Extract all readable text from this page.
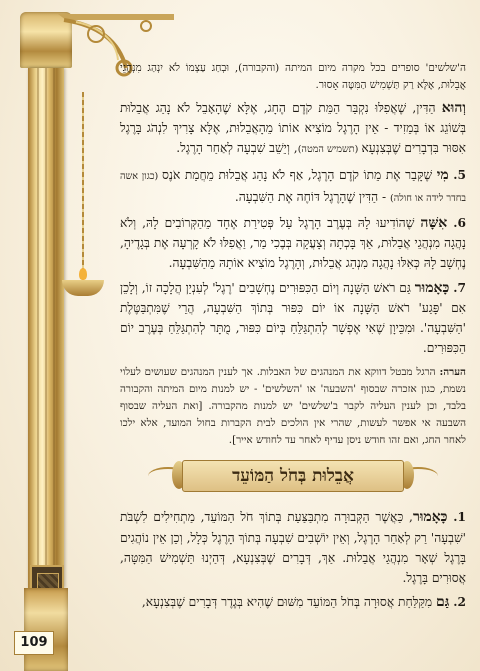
109

ה'שלשים' סופרים בכל מקרה מיום המיתה (והקבורה), וּבְחַג עַצְמוֹ לֹא יִנְהַג מִנְהֲגֵי אֲבֵלוּת, אֶלָּא רַק תַּשְׁמִישׁ הַמִּטָּה אָסוּר.

וְהוּא הַדִּין, שֶׁאֲפִלּוּ נִקְבַּר הַמֵּת קֹדֶם הֶחָג, אֶלָּא שֶׁהָאָבֵל לֹא נָהַג אֲבֵלוּת בְּשׁוֹגֵג אוֹ בְּמֵזִיד - אֵין הָרֶגֶל מוֹצִיא אוֹתוֹ מֵהָאֲבֵלוּת, אֶלָּא צָרִיךְ לִנְהֹג בָּרֶגֶל אִסּוּר בִּדְבָרִים שֶׁבְּצִנְעָא (תשמיש המטה), וְיֵשֵׁב שִׁבְעָה לְאַחַר הָרֶגֶל.

5. מִי שֶׁקָּבַר אֶת מֵתוֹ קֹדֶם הָרֶגֶל, אַף לֹא נָהַג אֲבֵלוּת מֵחֲמַת אֹנֶס (כגון אשה בחדר לידה או חולה) - הַדִּין שֶׁהָרֶגֶל דּוֹחֶה אֶת הַשִּׁבְעָה.

6. אִשָּׁה שֶׁהוֹדִיעוּ לָהּ בְּעֶרֶב הָרֶגֶל עַל פְּטִירַת אֶחָד מֵהַקְּרוֹבִים לָהּ, וְלֹא נָהֲגָה מִנְהֲגֵי אֲבֵלוּת, אַךְ בָּכְתָה וְצָעֲקָה בְּבֶכִי מַר, וַאֲפִלּוּ לֹא קָרְעָה אֶת בְּגָדֶיהָ, נֶחְשָׁב לָהּ כְּאִלּוּ נָהֲגָה מִנְהַג אֲבֵלוּת, וְהָרֶגֶל מוֹצִיא אוֹתָהּ מֵהַשִּׁבְעָה.

7. כָּאָמוּר גַּם רֹאשׁ הַשָּׁנָה וְיוֹם הַכִּפּוּרִים נֶחְשָׁבִים 'רֶגֶל' לְעִנְיַן הֲלָכָה זוֹ, וְלָכֵן אִם 'פָּגַע' רֹאשׁ הַשָּׁנָה אוֹ יוֹם כִּפּוּר בְּתוֹךְ הַשִּׁבְעָה, הֲרֵי שֶׁמִּתְבַּטֶּלֶת 'הַשִּׁבְעָה'. וּמִכֵּיוָן שֶׁאִי אֶפְשָׁר לְהִתְגַּלֵּחַ בְּיוֹם כִּפּוּר, מֻתָּר לְהִתְגַּלֵּחַ בְּעֶרֶב יוֹם הַכִּפּוּרִים.

הערה: הרגל מבטל דווקא את המנהגים של האבלות. אך לענין המנהגים שעושים לעלוי נשמת, כגון אזכרה שבסוף 'השבעה' או 'השלשים' - יש למנות מיום המיתה והקבורה בלבד, וכן לענין העליה לקבר ב'שלשים' יש למנות מהקבורה. [ואת העליה שבסוף השבעה אי אפשר לעשות, שהרי אין הולכים לבית הקברות בחול המועד, אלא ילכו לאחר החג, ואם זהו חודש ניסן עדיף לאחר עד לחודש אייר].

אֲבֵלוּת בְּחֹל הַמּוֹעֵד

1. כָּאָמוּר, כַּאֲשֶׁר הַקְּבוּרָה מִתְבַּצַּעַת בְּתוֹךְ חֹל הַמּוֹעֵד, מַתְחִילִים לִשְׁבֹּת 'שִׁבְעָה' רַק לְאַחַר הָרֶגֶל, וְאֵין יוֹשְׁבִים שִׁבְעָה בְּתוֹךְ הָרֶגֶל כְּלָל, וְכֵן אֵין נוֹהֲגִים בָּרֶגֶל שְׁאָר מִנְהֲגֵי אֲבֵלוּת. אַךְ, דְּבָרִים שֶׁבְּצִנְעָא, דְּהַיְנוּ תַּשְׁמִישׁ הַמִּטָּה, אֲסוּרִים בָּרֶגֶל.

2. גַּם מִקַּלַּחַת אֲסוּרָה בְּחֹל הַמּוֹעֵד מִשּׁוּם שֶׁהִיא בְּגֶדֶר דְּבָרִים שֶׁבְּצִנְעָא,
